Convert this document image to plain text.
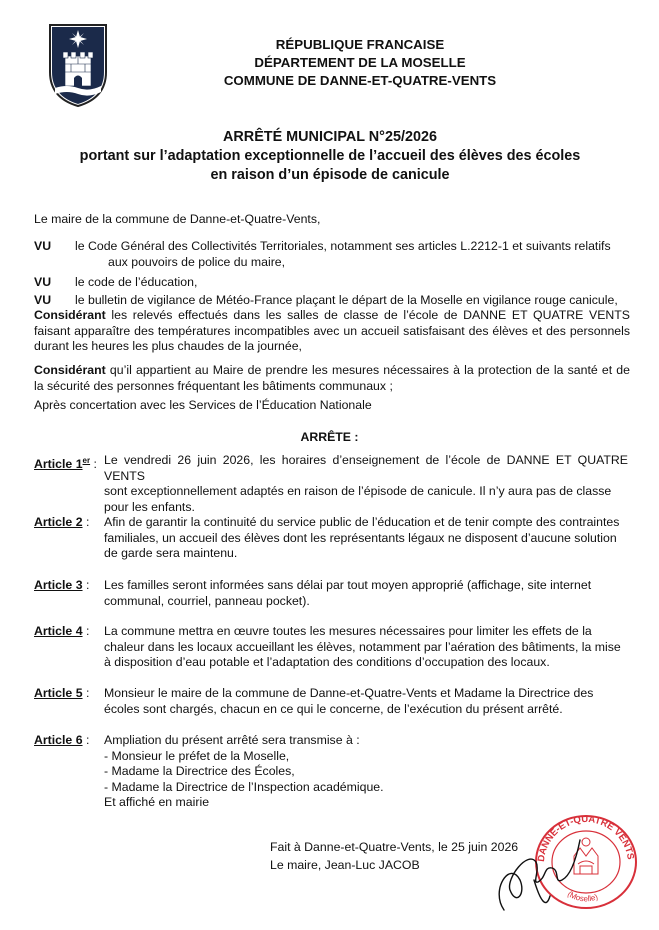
RÉPUBLIQUE FRANCAISE
DÉPARTEMENT DE LA MOSELLE
COMMUNE DE DANNE-ET-QUATRE-VENTS
ARRÊTÉ MUNICIPAL N°25/2026
portant sur l’adaptation exceptionnelle de l’accueil des élèves des écoles
en raison d’un épisode de canicule
Le maire de la commune de Danne-et-Quatre-Vents,
VU le Code Général des Collectivités Territoriales, notamment ses articles L.2212-1 et suivants relatifs
aux pouvoirs de police du maire,
VU le code de l’éducation,
VU le bulletin de vigilance de Météo-France plaçant le départ de la Moselle en vigilance rouge canicule,
Considérant les relevés effectués dans les salles de classe de l’école de DANNE ET QUATRE VENTS faisant apparaître des températures incompatibles avec un accueil satisfaisant des élèves et des personnels durant les heures les plus chaudes de la journée,
Considérant qu’il appartient au Maire de prendre les mesures nécessaires à la protection de la santé et de la sécurité des personnes fréquentant les bâtiments communaux ;
Après concertation avec les Services de l’Éducation Nationale
ARRÊTE :
Article 1er : Le vendredi 26 juin 2026, les horaires d’enseignement de l’école de DANNE ET QUATRE VENTS
sont exceptionnellement adaptés en raison de l’épisode de canicule. Il n’y aura pas de classe
pour les enfants.
Article 2 : Afin de garantir la continuité du service public de l’éducation et de tenir compte des contraintes
familiales, un accueil des élèves dont les représentants légaux ne disposent d’aucune solution
de garde sera maintenu.
Article 3 : Les familles seront informées sans délai par tout moyen approprié (affichage, site internet
communal, courriel, panneau pocket).
Article 4 : La commune mettra en œuvre toutes les mesures nécessaires pour limiter les effets de la
chaleur dans les locaux accueillant les élèves, notamment par l’aération des bâtiments, la mise
à disposition d’eau potable et l’adaptation des conditions d’occupation des locaux.
Article 5 : Monsieur le maire de la commune de Danne-et-Quatre-Vents et Madame la Directrice des
écoles sont chargés, chacun en ce qui le concerne, de l’exécution du présent arrêté.
Article 6 : Ampliation du présent arrêté sera transmise à :
- Monsieur le préfet de la Moselle,
- Madame la Directrice des Écoles,
- Madame la Directrice de l’Inspection académique.
Et affiché en mairie
Fait à Danne-et-Quatre-Vents, le 25 juin 2026
Le maire, Jean-Luc JACOB	DANNE-ET-QUATRE VENTS
(Moselle)
